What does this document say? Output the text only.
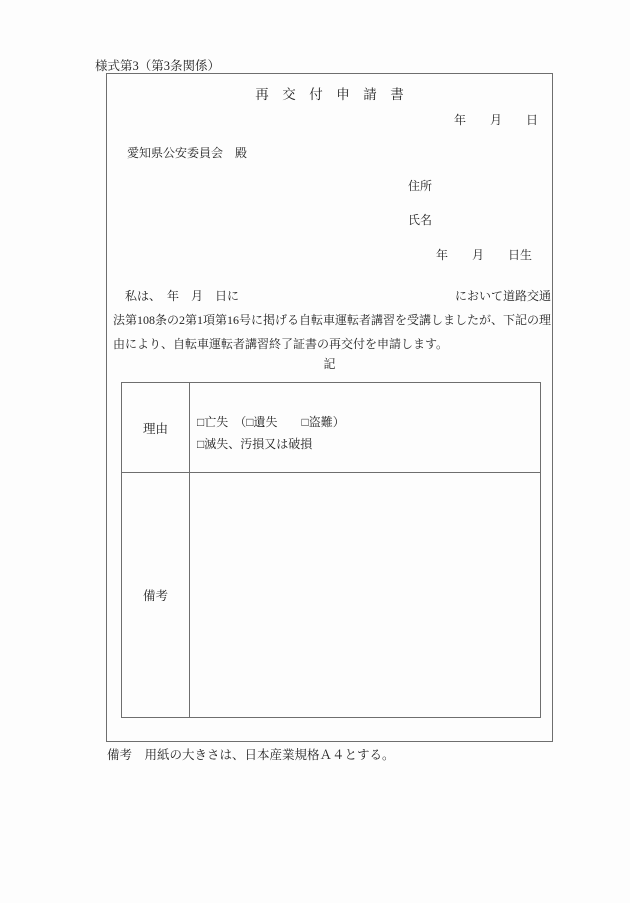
様式第3（第3条関係）
再　交　付　申　請　書
年　　月　　日
愛知県公安委員会　殿
住所
氏名
年　　月　　日生
　私は、　年　月　日に	において道路交通
法第108条の2第1項第16号に掲げる自転車運転者講習を受講しましたが、下記の理
由により、自転車運転者講習終了証書の再交付を申請します。
記
理由 □亡失　（□遺失　　□盗難）
□滅失、汚損又は破損
備考
備考　用紙の大きさは、日本産業規格Ａ４とする。
